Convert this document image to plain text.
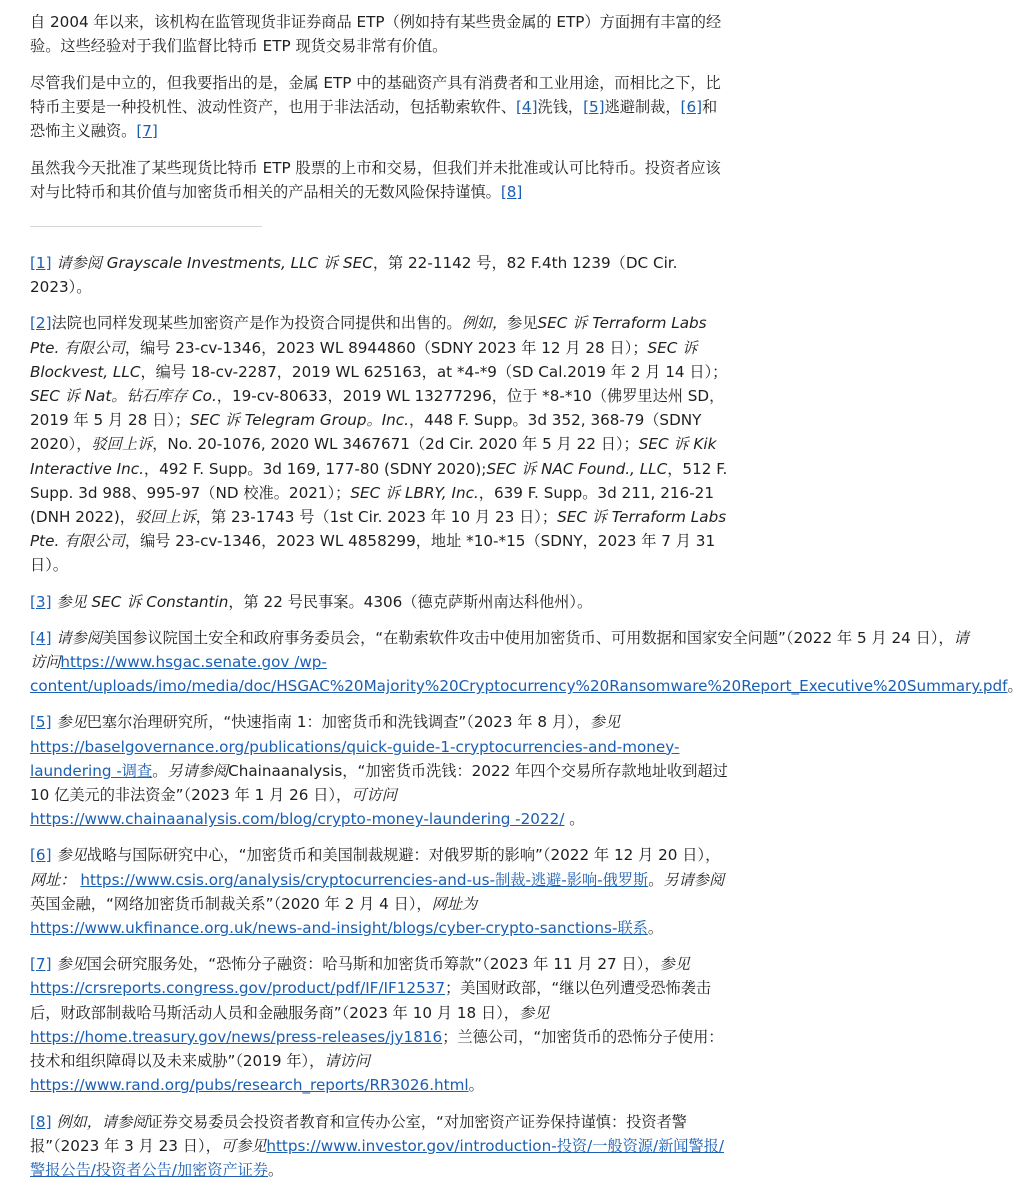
自 2004 年以来，该机构在监管现货非证券商品 ETP（例如持有某些贵金属的 ETP）方面拥有丰富的经验。这些经验对于我们监督比特币 ETP 现货交易非常有价值。

尽管我们是中立的，但我要指出的是，金属 ETP 中的基础资产具有消费者和工业用途，而相比之下，比特币主要是一种投机性、波动性资产，也用于非法活动，包括勒索软件、[4]洗钱，[5]逃避制裁，[6]和恐怖主义融资。[7]

虽然我今天批准了某些现货比特币 ETP 股票的上市和交易，但我们并未批准或认可比特币。投资者应该对与比特币和其价值与加密货币相关的产品相关的无数风险保持谨慎。[8]

[1] 请参阅 Grayscale Investments, LLC 诉 SEC，第 22-1142 号，82 F.4th 1239（DC Cir. 2023）。

[2]法院也同样发现某些加密资产是作为投资合同提供和出售的。例如，参见SEC 诉 Terraform Labs Pte. 有限公司，编号 23-cv-1346，2023 WL 8944860（SDNY 2023 年 12 月 28 日）；SEC 诉 Blockvest, LLC，编号 18-cv-2287，2019 WL 625163，at *4-*9（SD Cal.2019 年 2 月 14 日）；SEC 诉 Nat。钻石库存 Co.，19-cv-80633，2019 WL 13277296，位于 *8-*10（佛罗里达州 SD，2019 年 5 月 28 日）；SEC 诉 Telegram Group。Inc.，448 F. Supp。3d 352, 368-79（SDNY 2020），驳回上诉，No. 20-1076, 2020 WL 3467671（2d Cir. 2020 年 5 月 22 日）；SEC 诉 Kik Interactive Inc.，492 F. Supp。3d 169, 177-80 (SDNY 2020);SEC 诉 NAC Found., LLC，512 F. Supp. 3d 988、995-97（ND 校准。2021）；SEC 诉 LBRY, Inc.，639 F. Supp。3d 211, 216-21 (DNH 2022)，驳回上诉，第 23-1743 号（1st Cir. 2023 年 10 月 23 日）；SEC 诉 Terraform Labs Pte. 有限公司，编号 23-cv-1346，2023 WL 4858299，地址 *10-*15（SDNY，2023 年 7 月 31 日）。

[3] 参见 SEC 诉 Constantin，第 22 号民事案。4306（德克萨斯州南达科他州）。

[4] 请参阅美国参议院国土安全和政府事务委员会，“在勒索软件攻击中使用加密货币、可用数据和国家安全问题”（2022 年 5 月 24 日），请访问https://www.hsgac.senate.gov /wp-content/uploads/imo/media/doc/HSGAC%20Majority%20Cryptocurrency%20Ransomware%20Report_Executive%20Summary.pdf。

[5] 参见巴塞尔治理研究所，“快速指南 1：加密货币和洗钱调查”（2023 年 8 月），参见
https://baselgovernance.org/publications/quick-guide-1-cryptocurrencies-and-money-laundering -调查。另请参阅Chainaanalysis，“加密货币洗钱：2022 年四个交易所存款地址收到超过 10 亿美元的非法资金”（2023 年 1 月 26 日），可访问https://www.chainaanalysis.com/blog/crypto-money-laundering -2022/ 。

[6] 参见战略与国际研究中心，“加密货币和美国制裁规避：对俄罗斯的影响”（2022 年 12 月 20 日），网址： https://www.csis.org/analysis/cryptocurrencies-and-us-制裁-逃避-影响-俄罗斯。另请参阅英国金融，“网络加密货币制裁关系”（2020 年 2 月 4 日），网址为
https://www.ukfinance.org.uk/news-and-insight/blogs/cyber-crypto-sanctions-联系。

[7] 参见国会研究服务处，“恐怖分子融资：哈马斯和加密货币筹款”（2023 年 11 月 27 日），参见
https://crsreports.congress.gov/product/pdf/IF/IF12537；美国财政部，“继以色列遭受恐怖袭击后，财政部制裁哈马斯活动人员和金融服务商”（2023 年 10 月 18 日），参见
https://home.treasury.gov/news/press-releases/jy1816；兰德公司，“加密货币的恐怖分子使用：技术和组织障碍以及未来威胁”（2019 年），请访问
https://www.rand.org/pubs/research_reports/RR3026.html。

[8] 例如，请参阅证券交易委员会投资者教育和宣传办公室，“对加密资产证券保持谨慎：投资者警报”（2023 年 3 月 23 日），可参见https://www.investor.gov/introduction-投资/一般资源/新闻警报/警报公告/投资者公告/加密资产证券。
